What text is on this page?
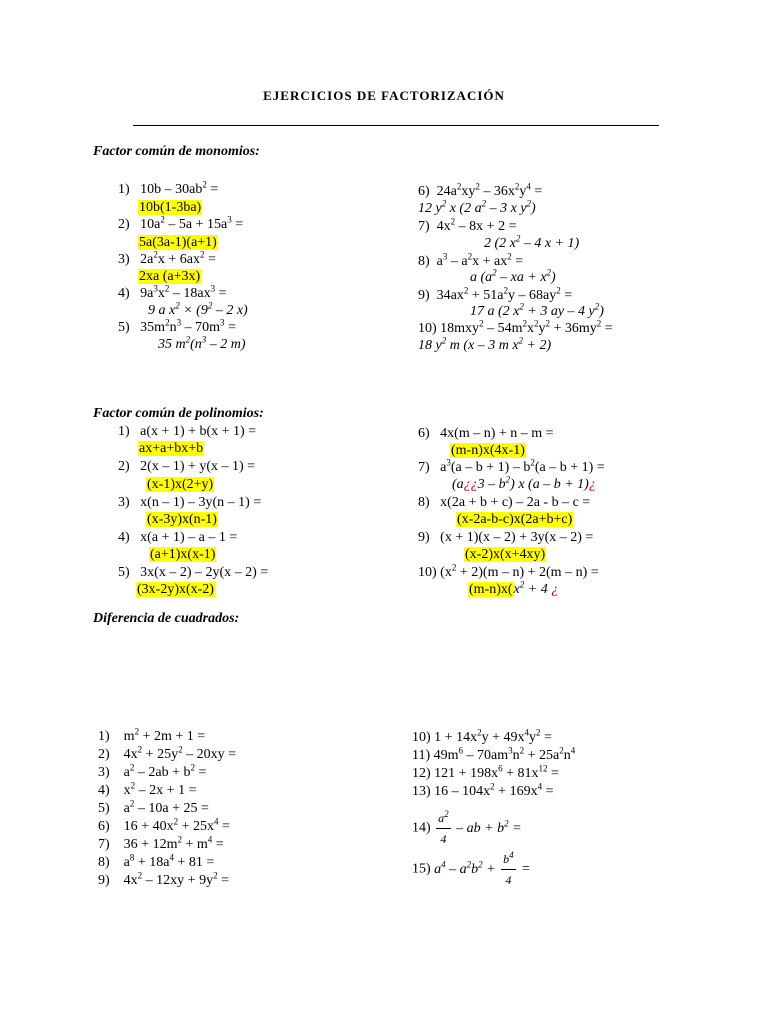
EJERCICIOS DE FACTORIZACIÓN
Factor común de monomios:
1)   $10b - 30ab^2$ =
10b(1-3ba)
2)   $10a^2 - 5a + 15a^3$ =
5a(3a-1)(a+1)
3)   $2a^2x + 6ax^2$ =
2xa (a+3x)
4)   $9a^3x^2 - 18ax^3$ =
9 a $x^2 \times (9^2 - 2$ x)
5)   $35m^2n^3 - 70m^3$ =
35 $m^2(n^3 - 2$ m)
6)  $24a^2xy^2 - 36x^2y^4$ =
12 $y^2$ x (2 $a^2 - 3$ x $y^2$)
7)  $4x^2 - 8x + 2$ =
2 (2 $x^2 - 4$ x + 1)
8)  $a^3 - a^2x + ax^2$ =
a ($a^2$ – xa + $x^2$)
9)  $34ax^2 + 51a^2y - 68ay^2$ =
17 a (2 $x^2 + 3$ ay – 4 $y^2$)
10) $18mxy^2 - 54m^2x^2y^2 + 36my^2$ =
18 $y^2$ m (x – 3 m $x^2 + 2$)
Factor común de polinomios:
1) a(x + 1) + b(x + 1) =
ax+a+bx+b
2) 2(x – 1) + y(x – 1) =
(x-1)x(2+y)
3) x(n – 1) – 3y(n – 1) =
(x-3y)x(n-1)
4) x(a + 1) – a – 1 =
(a+1)x(x-1)
5) 3x(x – 2) – 2y(x – 2) =
(3x-2y)x(x-2)
6) 4x(m – n) + n – m =
(m-n)x(4x-1)
7)   $a^3(a - b + 1) - b^2(a - b + 1)$ =
(a¿¿3 – $b^2$) x (a – b + 1)¿
8) x(2a + b + c) – 2a - b – c =
(x-2a-b-c)x(2a+b+c)
9) (x + 1)(x – 2) + 3y(x – 2) =
(x-2)x(x+4xy)
10) $(x^2 + 2)(m - n) + 2(m - n)$ =
$(m-n)x(x^2 + 4$ ¿
Diferencia de cuadrados:
1)    $m^2 + 2m + 1$ =
2)    $4x^2 + 25y^2 - 20xy$ =
3)    $a^2 - 2ab + b^2$ =
4)    $x^2 - 2x + 1$ =
5)    $a^2 - 10a + 25$ =
6)    $16 + 40x^2 + 25x^4$ =
7)    $36 + 12m^2 + m^4$ =
8)    $a^8 + 18a^4 + 81$ =
9)    $4x^2 - 12xy + 9y^2$ =
10) $1 + 14x^2y + 49x^4y^2$ =
11) $49m^6 - 70am^3n^2 + 25a^2n^4$
12) $121 + 198x^6 + 81x^{12}$ =
13) $16 - 104x^2 + 169x^4$ =
$14) \frac{a^2}{4}$ – ab + $b^2$ =
15) $a^4 - a^2b^2 + \frac{b^4}{4}$ =
